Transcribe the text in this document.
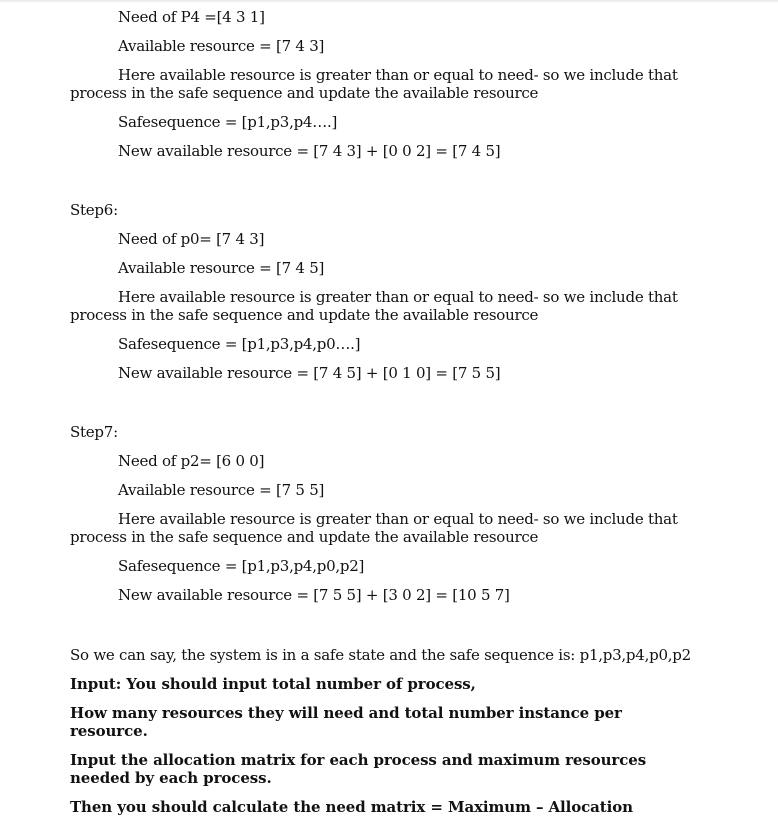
Need of P4 =[4 3 1]
Available resource = [7 4 3]
Here available resource is greater than or equal to need- so we include that
process in the safe sequence and update the available resource
Safesequence = [p1,p3,p4….]
New available resource = [7 4 3] + [0 0 2] = [7 4 5]
Step6:
Need of p0= [7 4 3]
Available resource = [7 4 5]
Here available resource is greater than or equal to need- so we include that
process in the safe sequence and update the available resource
Safesequence = [p1,p3,p4,p0….]
New available resource = [7 4 5] + [0 1 0] = [7 5 5]
Step7:
Need of p2= [6 0 0]
Available resource = [7 5 5]
Here available resource is greater than or equal to need- so we include that
process in the safe sequence and update the available resource
Safesequence = [p1,p3,p4,p0,p2]
New available resource = [7 5 5] + [3 0 2] = [10 5 7]
So we can say, the system is in a safe state and the safe sequence is: p1,p3,p4,p0,p2
Input: You should input total number of process,
How many resources they will need and total number instance per
resource.
Input the allocation matrix for each process and maximum resources
needed by each process.
Then you should calculate the need matrix = Maximum – Allocation
